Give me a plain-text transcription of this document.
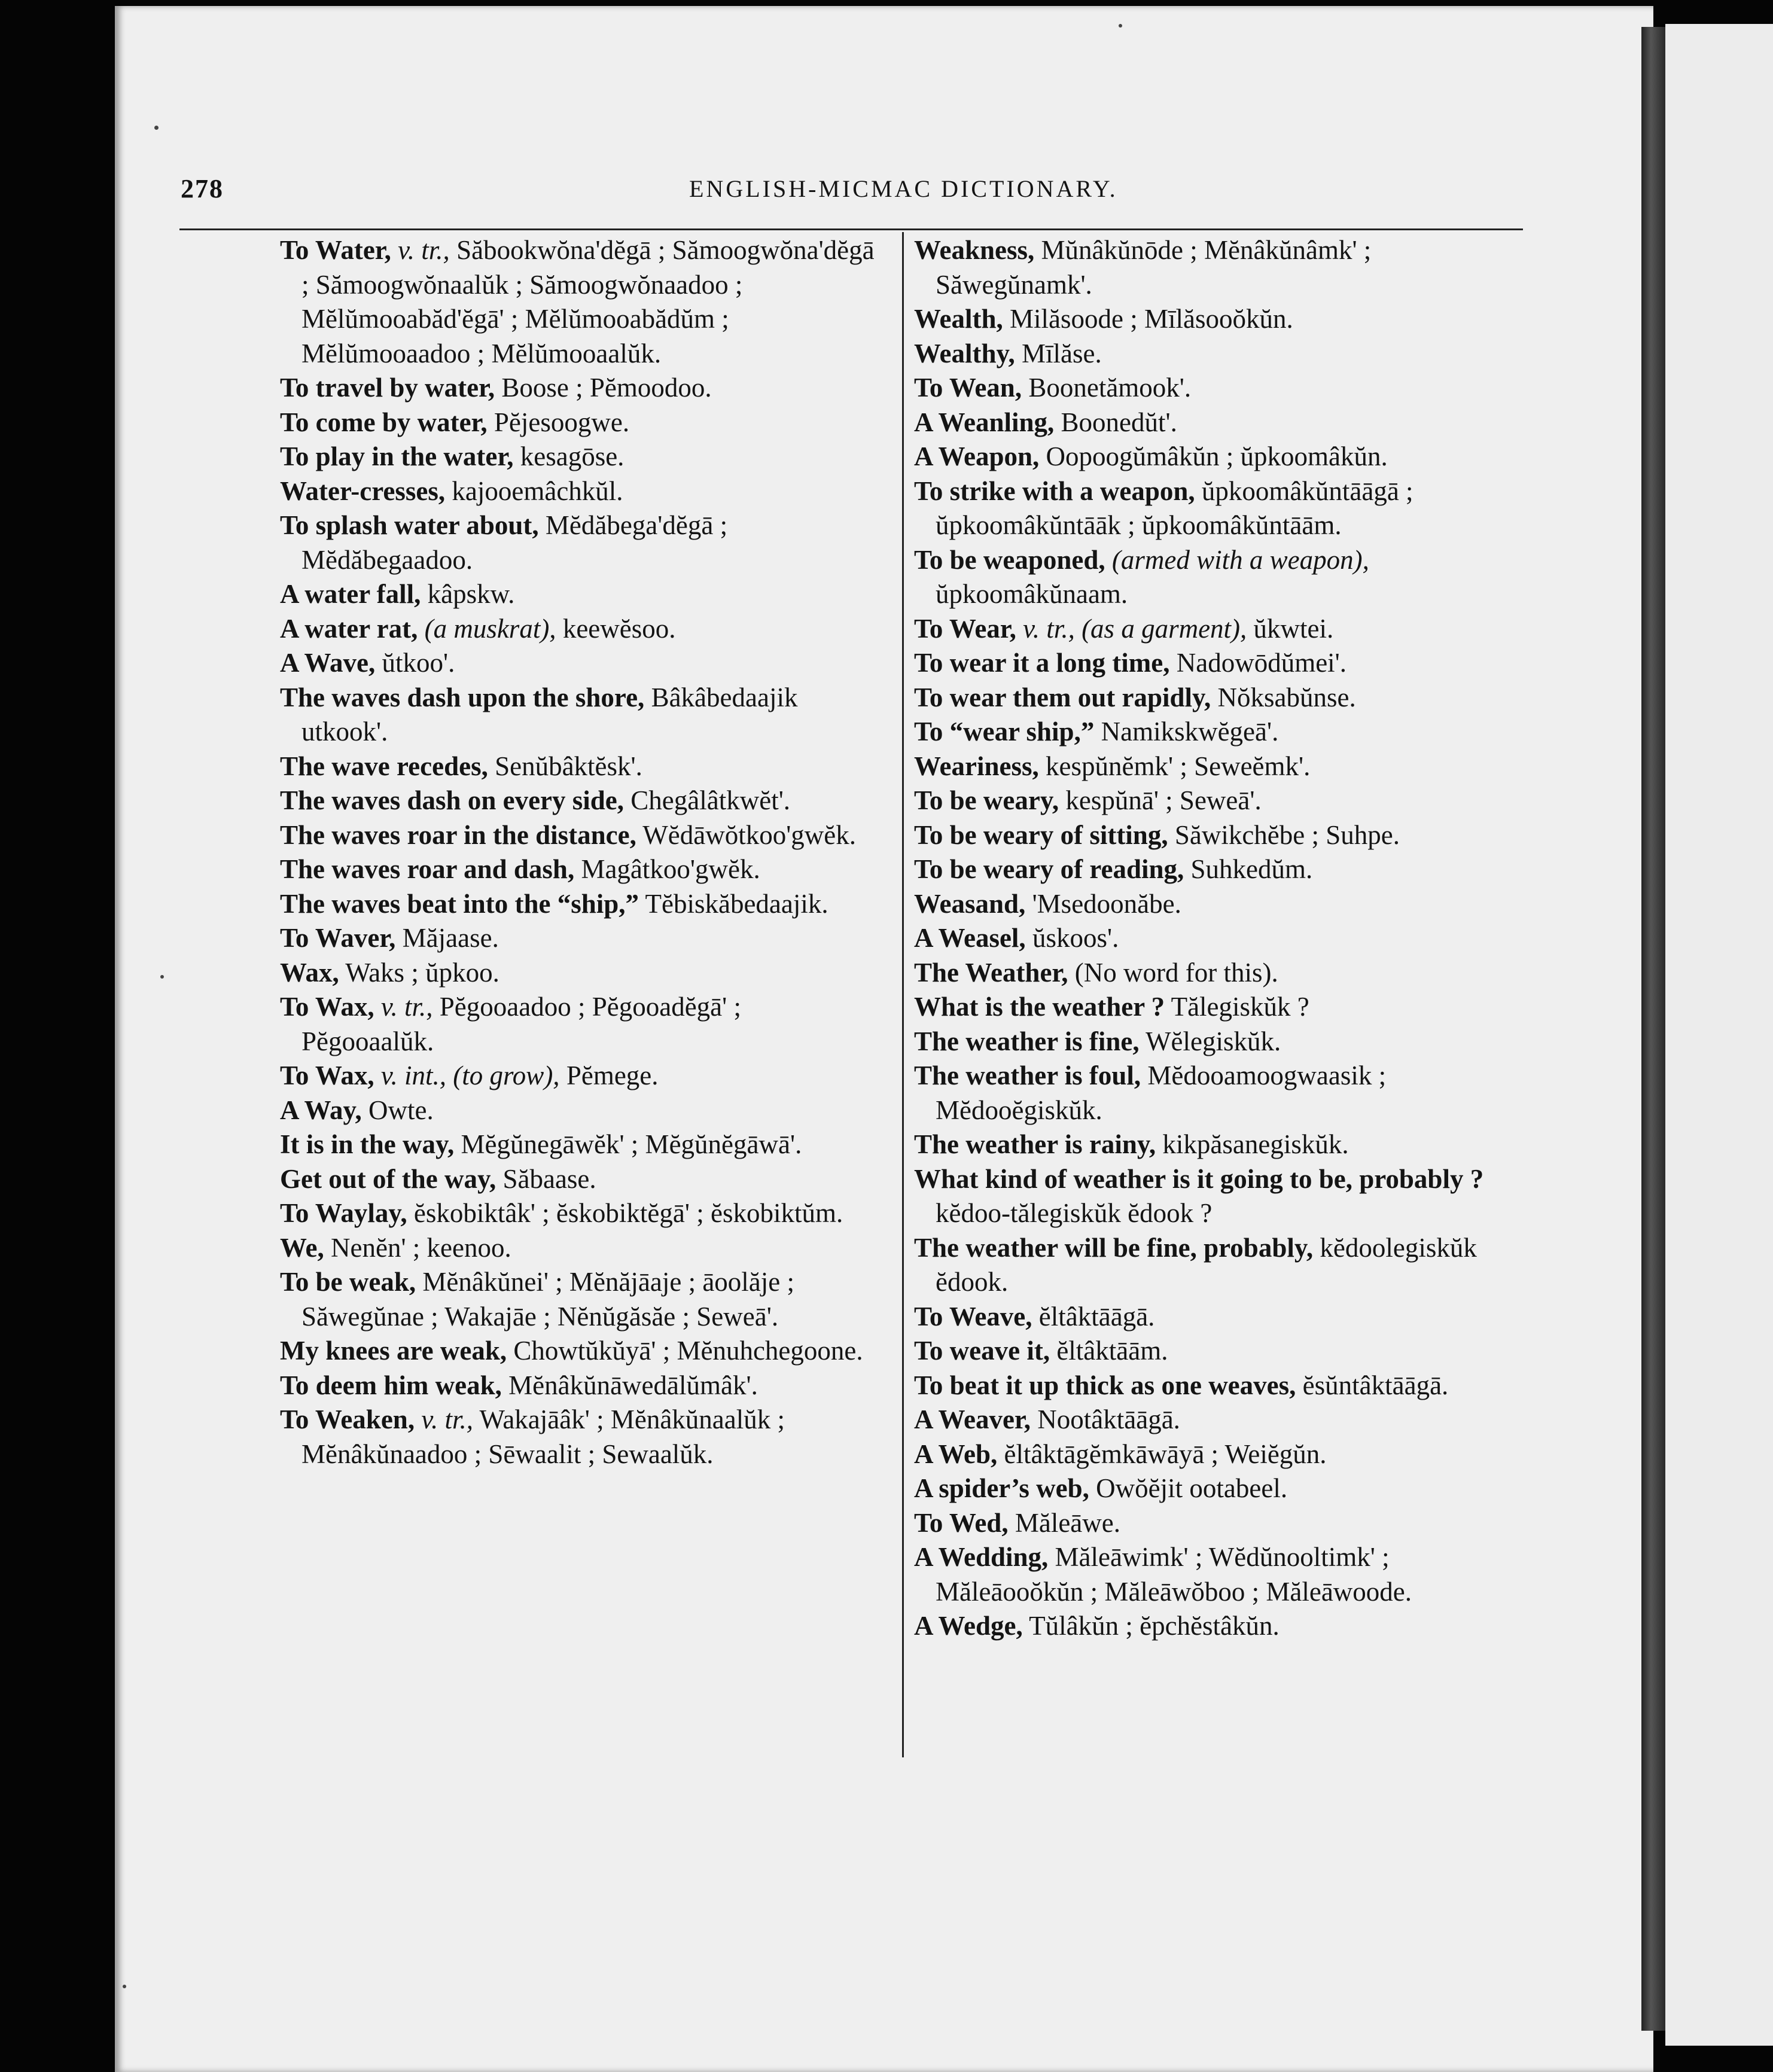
278	ENGLISH-MICMAC DICTIONARY.
To Water, v. tr., Săbookwŏna'dĕgā ; Sămoogwŏna'dĕgā ; Sămoogwŏnaalŭk ; Sămoogwŏnaadoo ; Mĕlŭmooabăd'ĕgā' ; Mĕlŭmooabădŭm ; Mĕlŭmooaadoo ; Mĕlŭmooaalŭk.
To travel by water, Boose ; Pĕmoodoo.
To come by water, Pĕjesoogwe.
To play in the water, kesagōse.
Water-cresses, kajooemâchkŭl.
To splash water about, Mĕdăbega'dĕgā ; Mĕdăbegaadoo.
A water fall, kâpskw.
A water rat, (a muskrat), keewĕsoo.
A Wave, ŭtkoo'.
The waves dash upon the shore, Bâkâbedaajik utkook'.
The wave recedes, Senŭbâktĕsk'.
The waves dash on every side, Chegâlâtkwĕt'.
The waves roar in the distance, Wĕdāwŏtkoo'gwĕk.
The waves roar and dash, Magâtkoo'gwĕk.
The waves beat into the “ship,” Tĕbiskăbedaajik.
To Waver, Măjaase.
Wax, Waks ; ŭpkoo.
To Wax, v. tr., Pĕgooaadoo ; Pĕgooadĕgā' ; Pĕgooaalŭk.
To Wax, v. int., (to grow), Pĕmege.
A Way, Owte.
It is in the way, Mĕgŭnegāwĕk' ; Mĕgŭnĕgāwā'.
Get out of the way, Săbaase.
To Waylay, ĕskobiktâk' ; ĕskobiktĕgā' ; ĕskobiktŭm.
We, Nenĕn' ; keenoo.
To be weak, Mĕnâkŭnei' ; Mĕnăjāaje ; āoolăje ; Săwegŭnae ; Wakajāe ; Nĕnŭgăsăe ; Seweā'.
My knees are weak, Chowtŭkŭyā' ; Mĕnuhchegoone.
To deem him weak, Mĕnâkŭnāwedālŭmâk'.
To Weaken, v. tr., Wakajāâk' ; Mĕnâkŭnaalŭk ; Mĕnâkŭnaadoo ; Sēwaalit ; Sewaalŭk.
Weakness, Mŭnâkŭnōde ; Mĕnâkŭnâmk' ; Săwegŭnamk'.
Wealth, Milăsoode ; Mīlăsooŏkŭn.
Wealthy, Mīlăse.
To Wean, Boonetămook'.
A Weanling, Boonedŭt'.
A Weapon, Oopoogŭmâkŭn ; ŭpkoomâkŭn.
To strike with a weapon, ŭpkoomâkŭntāāgā ; ŭpkoomâkŭntāāk ; ŭpkoomâkŭntāām.
To be weaponed, (armed with a weapon), ŭpkoomâkŭnaam.
To Wear, v. tr., (as a garment), ŭkwtei.
To wear it a long time, Nadowōdŭmei'.
To wear them out rapidly, Nŏksabŭnse.
To “wear ship,” Namikskwĕgeā'.
Weariness, kespŭnĕmk' ; Seweĕmk'.
To be weary, kespŭnā' ; Seweā'.
To be weary of sitting, Săwikchĕbe ; Suhpe.
To be weary of reading, Suhkedŭm.
Weasand, 'Msedoonăbe.
A Weasel, ŭskoos'.
The Weather, (No word for this).
What is the weather ? Tălegiskŭk ?
The weather is fine, Wĕlegiskŭk.
The weather is foul, Mĕdooamoogwaasik ; Mĕdooĕgiskŭk.
The weather is rainy, kikpăsanegiskŭk.
What kind of weather is it going to be, probably ? kĕdoo-tălegiskŭk ĕdook ?
The weather will be fine, probably, kĕdoolegiskŭk ĕdook.
To Weave, ĕltâktāāgā.
To weave it, ĕltâktāām.
To beat it up thick as one weaves, ĕsŭntâktāāgā.
A Weaver, Nootâktāāgā.
A Web, ĕltâktāgĕmkāwāyā ; Weiĕgŭn.
A spider’s web, Owŏĕjit ootabeel.
To Wed, Măleāwe.
A Wedding, Măleāwimk' ; Wĕdŭnooltimk' ; Măleāooŏkŭn ; Măleāwŏboo ; Măleāwoode.
A Wedge, Tŭlâkŭn ; ĕpchĕstâkŭn.
